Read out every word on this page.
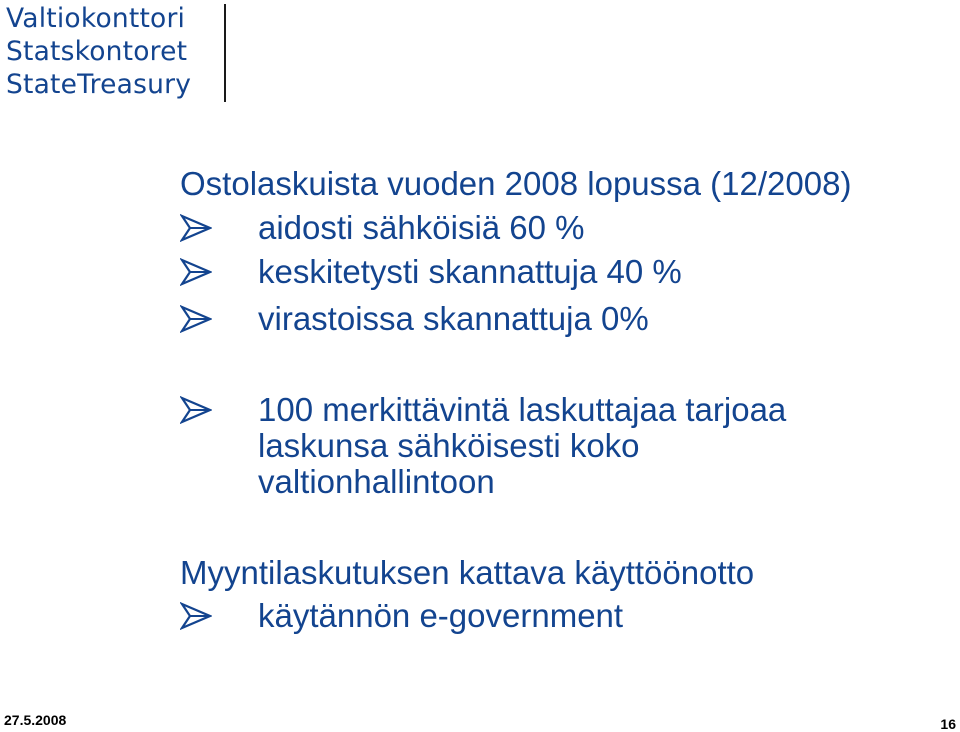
Valtiokonttori
Statskontoret
StateTreasury
Ostolaskuista vuoden 2008 lopussa (12/2008)
aidosti sähköisiä 60 %
keskitetysti skannattuja 40 %
virastoissa skannattuja 0%
100 merkittävintä laskuttajaa tarjoaa
laskunsa sähköisesti koko
valtionhallintoon
Myyntilaskutuksen kattava käyttöönotto
käytännön e-government
27.5.2008	16
